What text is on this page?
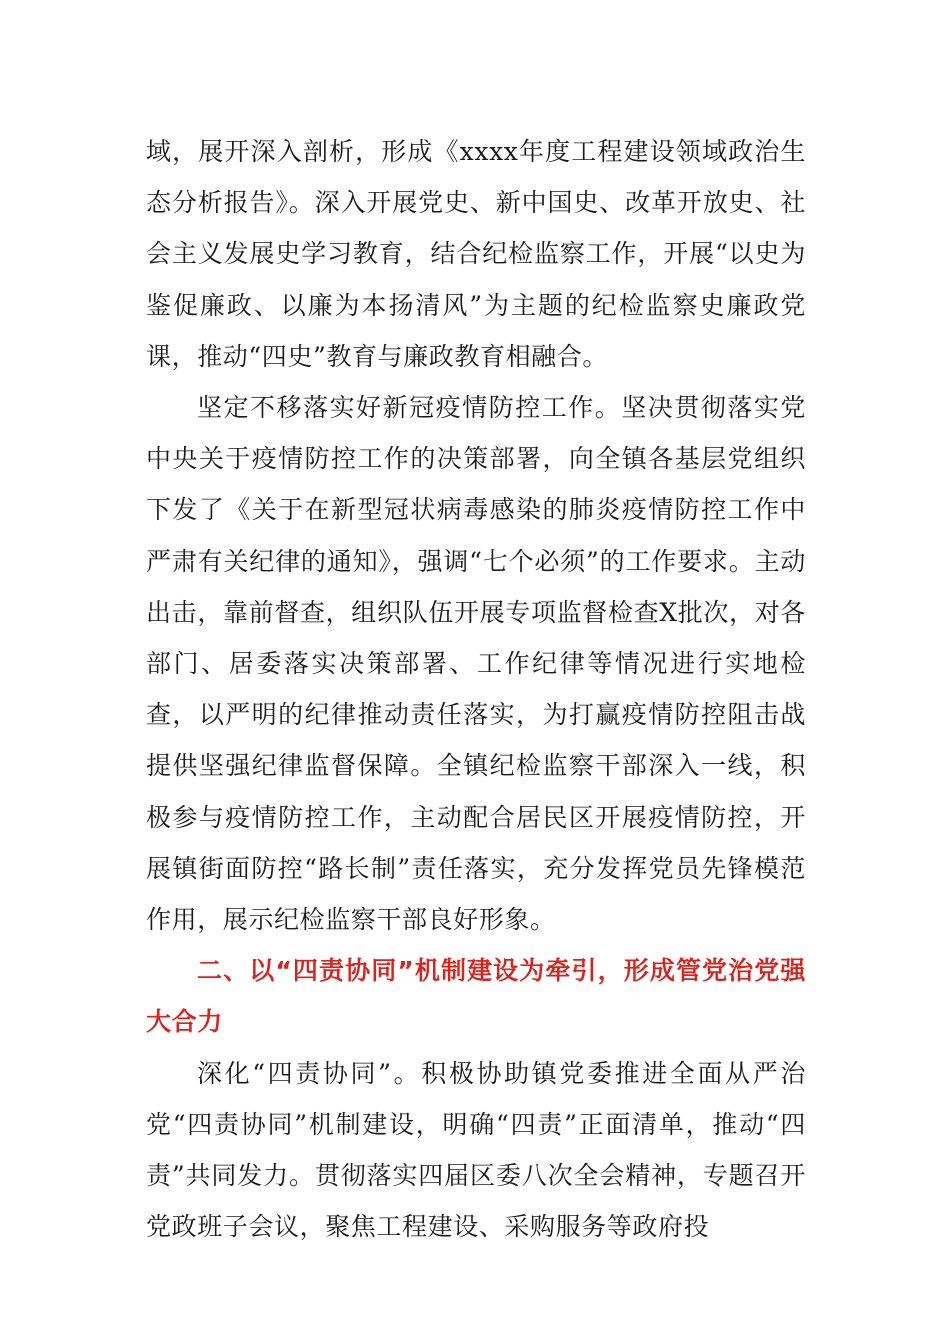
域，展开深入剖析，形成《xxxx年度工程建设领域政治生态分析报告》。深入开展党史、新中国史、改革开放史、社会主义发展史学习教育，结合纪检监察工作，开展“以史为鉴促廉政、以廉为本扬清风”为主题的纪检监察史廉政党课，推动“四史”教育与廉政教育相融合。

坚定不移落实好新冠疫情防控工作。坚决贯彻落实党中央关于疫情防控工作的决策部署，向全镇各基层党组织下发了《关于在新型冠状病毒感染的肺炎疫情防控工作中严肃有关纪律的通知》，强调“七个必须”的工作要求。主动出击，靠前督查，组织队伍开展专项监督检查X批次，对各部门、居委落实决策部署、工作纪律等情况进行实地检查，以严明的纪律推动责任落实，为打赢疫情防控阻击战提供坚强纪律监督保障。全镇纪检监察干部深入一线，积极参与疫情防控工作，主动配合居民区开展疫情防控，开展镇街面防控“路长制”责任落实，充分发挥党员先锋模范作用，展示纪检监察干部良好形象。

二、以“四责协同”机制建设为牵引，形成管党治党强大合力

深化“四责协同”。积极协助镇党委推进全面从严治党“四责协同”机制建设，明确“四责”正面清单，推动“四责”共同发力。贯彻落实四届区委八次全会精神，专题召开党政班子会议，聚焦工程建设、采购服务等政府投
